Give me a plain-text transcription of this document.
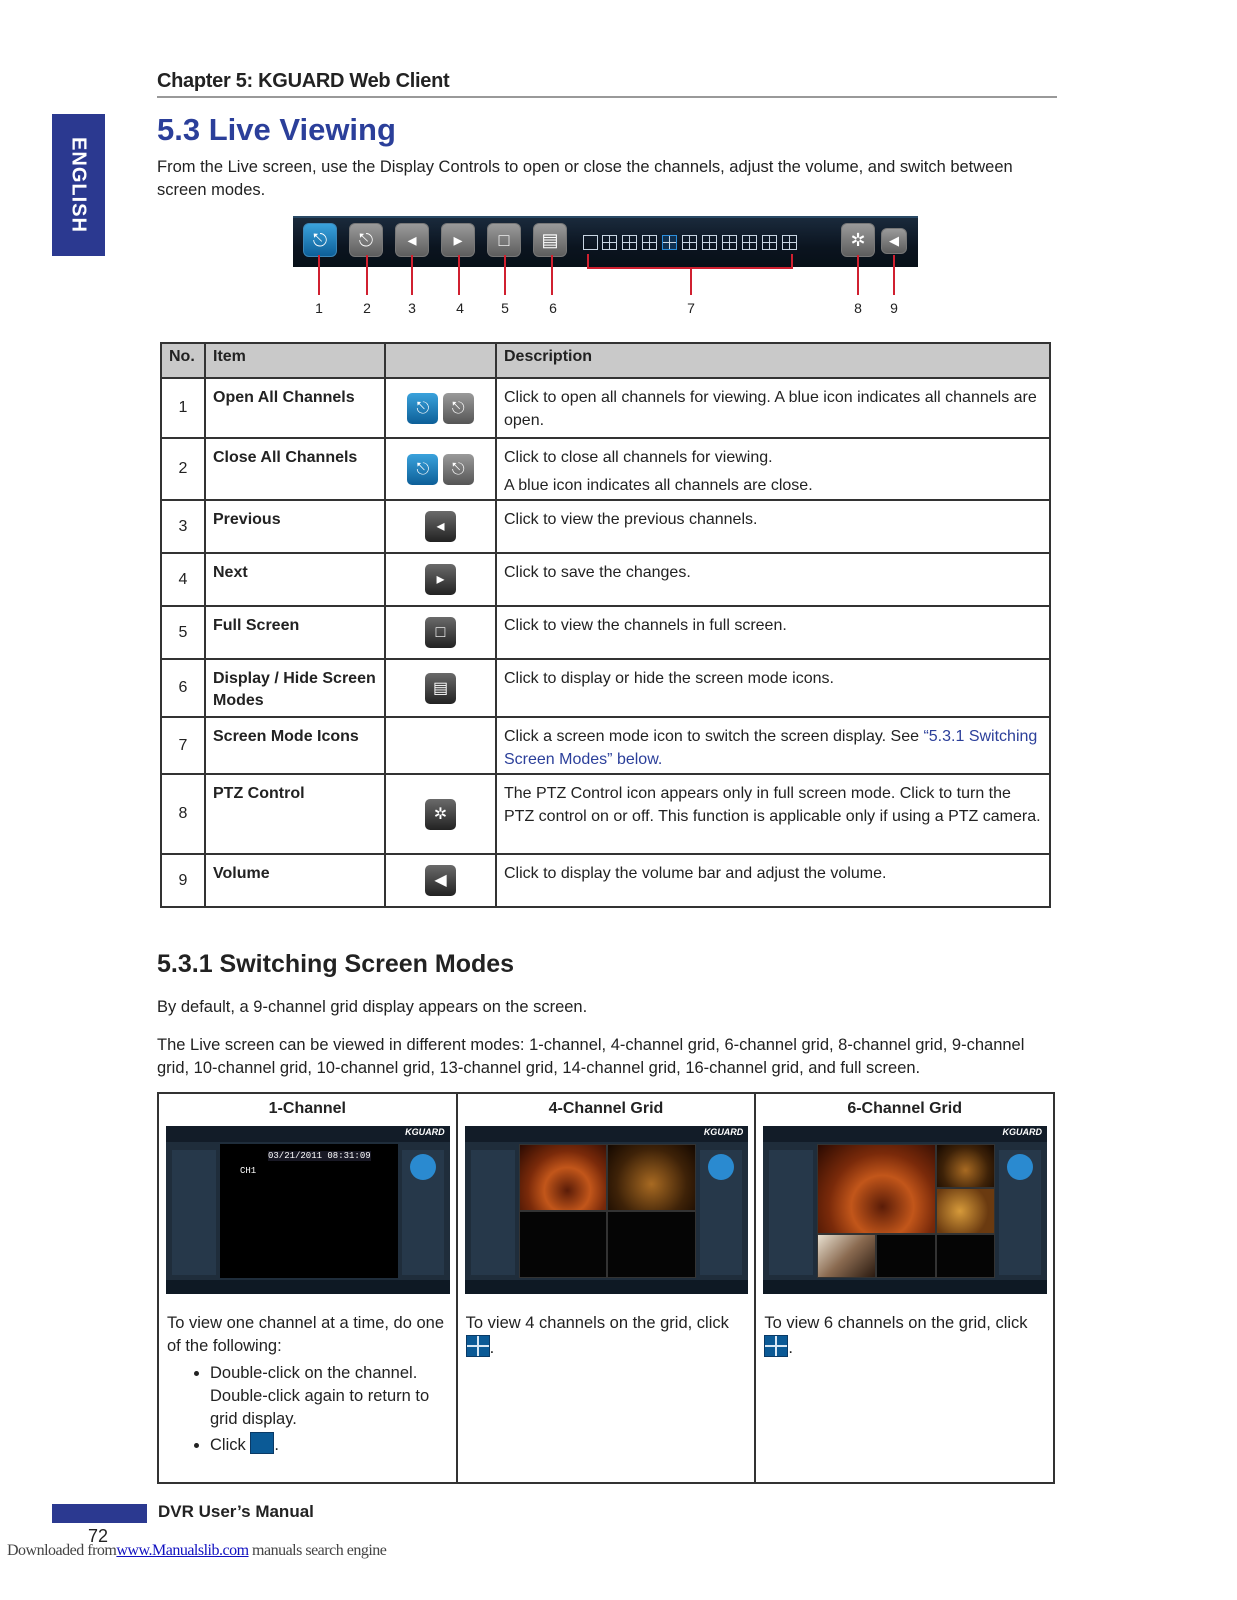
Chapter 5: KGUARD Web Client
ENGLISH
5.3 Live Viewing
From the Live screen, use the Display Controls to open or close the channels, adjust the volume, and switch between screen modes.
⎋	⎋	◂	▸	□	▤	✲	◀
1	2	3	4	5	6	7	8	9
No.	Item		Description
1	Open All Channels	⎋ ⎋	Click to open all channels for viewing. A blue icon indicates all channels are open.
2	Close All Channels	⎋ ⎋	Click to close all channels for viewing.
A blue icon indicates all channels are close.

3	Previous	◂	Click to view the previous channels.
4	Next	▸	Click to save the changes.
5	Full Screen	□	Click to view the channels in full screen.
6	Display / Hide Screen Modes	▤	Click to display or hide the screen mode icons.
7	Screen Mode Icons		Click a screen mode icon to switch the screen display. See “5.3.1 Switching Screen Modes” below.
8	PTZ Control	✲	The PTZ Control icon appears only in full screen mode. Click to turn the PTZ control on or off. This function is applicable only if using a PTZ camera.
9	Volume	◀	Click to display the volume bar and adjust the volume.
5.3.1 Switching Screen Modes
By default, a 9-channel grid display appears on the screen.
The Live screen can be viewed in different modes: 1-channel, 4-channel grid, 6-channel grid, 8-channel grid, 9-channel grid, 10-channel grid, 10-channel grid, 13-channel grid, 14-channel grid, 16-channel grid, and full screen.
1-Channel
KGUARD
03/21/2011 08:31:09
CH1
To view one channel at a time, do one of the following:
• Double-click on the channel. Double-click again to return to grid display.
• Click .

4-Channel Grid
KGUARD
To view 4 channels on the grid, click .

6-Channel Grid
KGUARD
To view 6 channels on the grid, click .
DVR User’s Manual
72
Downloaded fromwww.Manualslib.com manuals search engine
